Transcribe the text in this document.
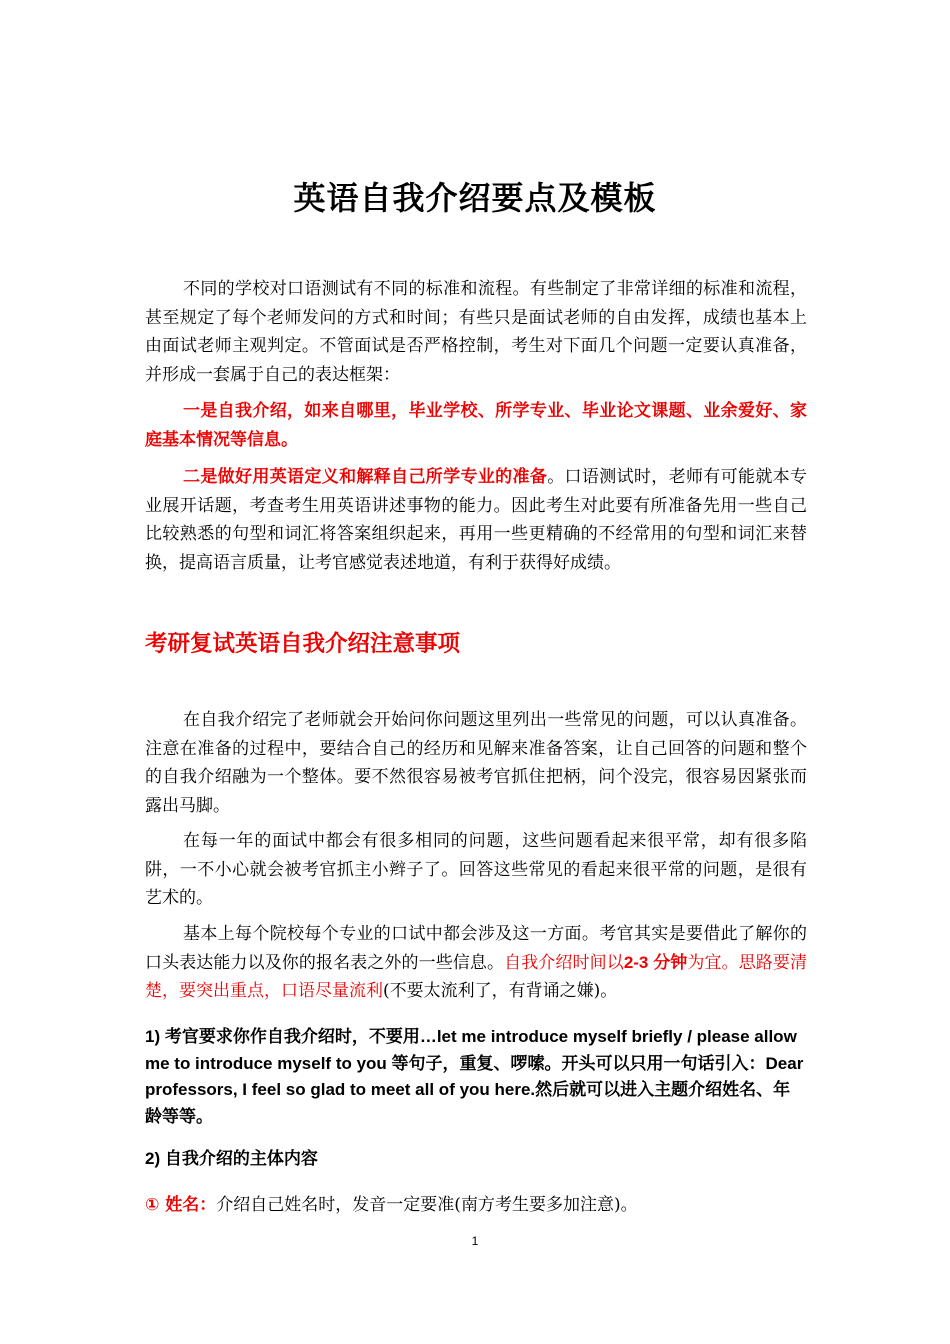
英语自我介绍要点及模板

不同的学校对口语测试有不同的标准和流程。有些制定了非常详细的标准和流程，甚至规定了每个老师发问的方式和时间；有些只是面试老师的自由发挥，成绩也基本上由面试老师主观判定。不管面试是否严格控制，考生对下面几个问题一定要认真准备，并形成一套属于自己的表达框架：

一是自我介绍，如来自哪里，毕业学校、所学专业、毕业论文课题、业余爱好、家庭基本情况等信息。

二是做好用英语定义和解释自己所学专业的准备。口语测试时，老师有可能就本专业展开话题，考查考生用英语讲述事物的能力。因此考生对此要有所准备先用一些自己比较熟悉的句型和词汇将答案组织起来，再用一些更精确的不经常用的句型和词汇来替换，提高语言质量，让考官感觉表述地道，有利于获得好成绩。

考研复试英语自我介绍注意事项

在自我介绍完了老师就会开始问你问题这里列出一些常见的问题，可以认真准备。注意在准备的过程中，要结合自己的经历和见解来准备答案，让自己回答的问题和整个的自我介绍融为一个整体。要不然很容易被考官抓住把柄，问个没完，很容易因紧张而露出马脚。

在每一年的面试中都会有很多相同的问题，这些问题看起来很平常，却有很多陷阱，一不小心就会被考官抓主小辫子了。回答这些常见的看起来很平常的问题，是很有艺术的。

基本上每个院校每个专业的口试中都会涉及这一方面。考官其实是要借此了解你的口头表达能力以及你的报名表之外的一些信息。自我介绍时间以2-3 分钟为宜。思路要清楚，要突出重点，口语尽量流利(不要太流利了，有背诵之嫌)。

1) 考官要求你作自我介绍时，不要用…let me introduce myself briefly / please allow me to introduce myself to you 等句子，重复、啰嗦。开头可以只用一句话引入：Dear professors, I feel so glad to meet all of you here.然后就可以进入主题介绍姓名、年龄等等。

2) 自我介绍的主体内容

① 姓名：介绍自己姓名时，发音一定要准(南方考生要多加注意)。

1
